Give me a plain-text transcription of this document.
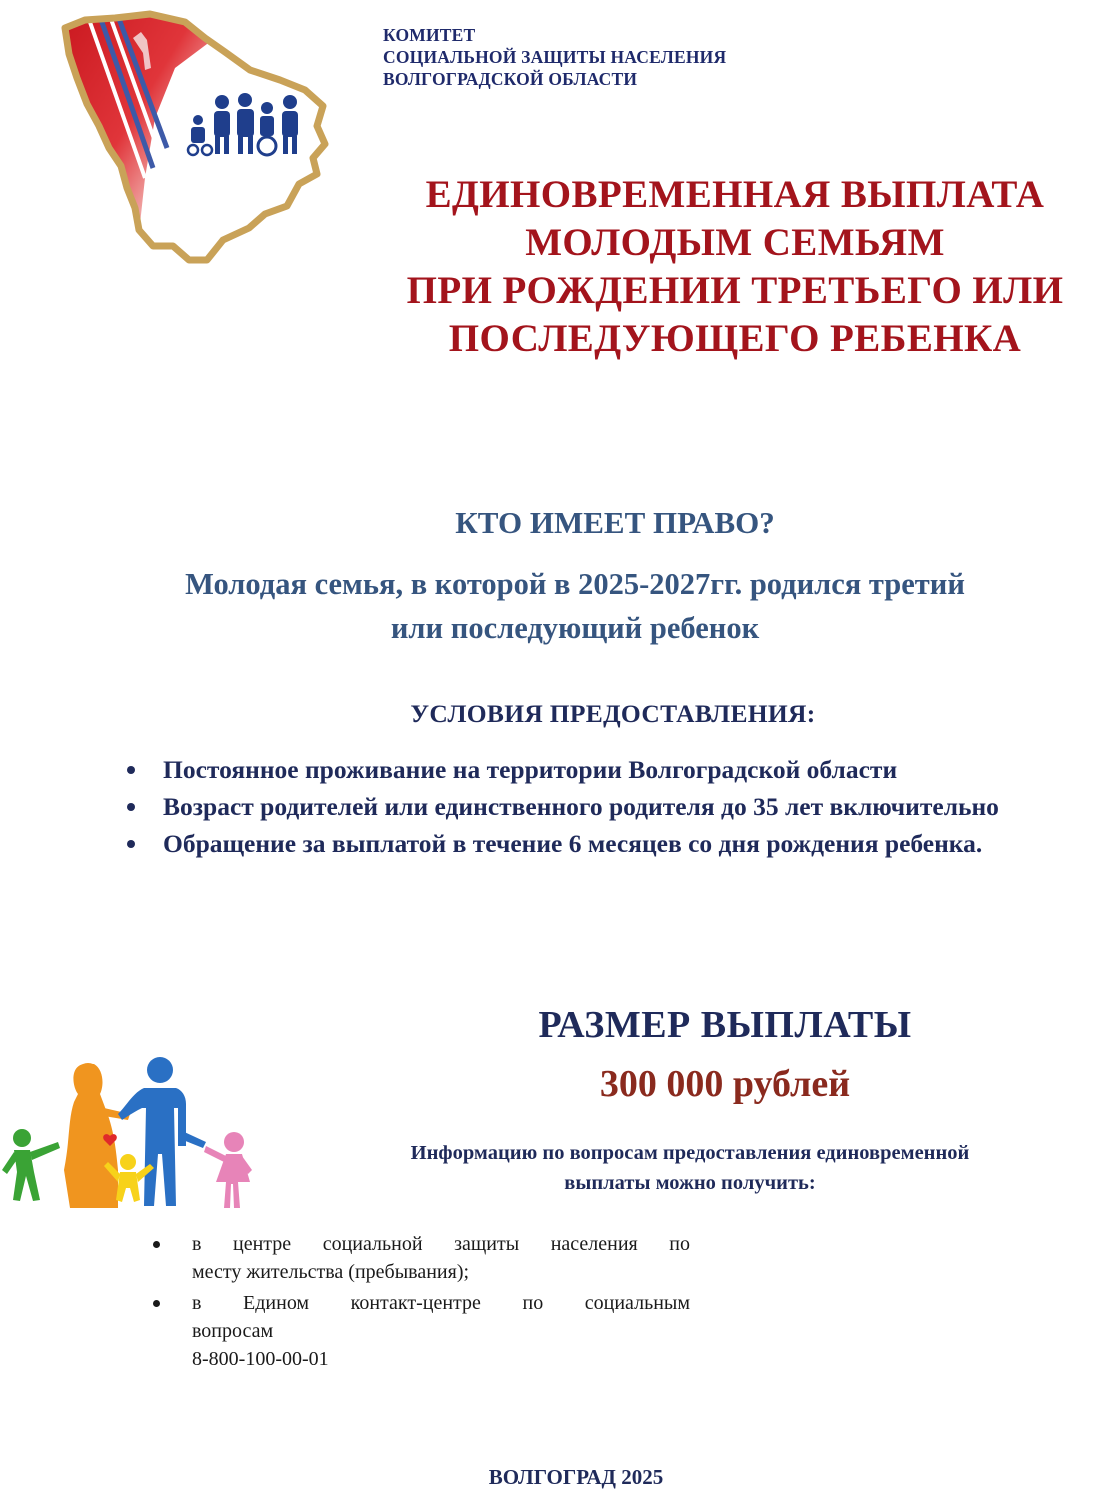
КОМИТЕТ
СОЦИАЛЬНОЙ ЗАЩИТЫ НАСЕЛЕНИЯ
ВОЛГОГРАДСКОЙ ОБЛАСТИ
ЕДИНОВРЕМЕННАЯ ВЫПЛАТА
МОЛОДЫМ СЕМЬЯМ
ПРИ РОЖДЕНИИ ТРЕТЬЕГО ИЛИ
ПОСЛЕДУЮЩЕГО РЕБЕНКА
КТО ИМЕЕТ ПРАВО?
Молодая семья, в которой в 2025-2027гг. родился третий
или последующий ребенок
УСЛОВИЯ ПРЕДОСТАВЛЕНИЯ:
Постоянное проживание на территории Волгоградской области
Возраст родителей или единственного родителя до 35 лет включительно
Обращение за выплатой в течение 6 месяцев со дня рождения ребенка.
РАЗМЕР ВЫПЛАТЫ
300 000 рублей
Информацию по вопросам предоставления единовременной
выплаты можно получить:
в центре социальной защиты населения по
месту жительства (пребывания);
в Едином контакт-центре по социальным
вопросам
8-800-100-00-01
ВОЛГОГРАД 2025
